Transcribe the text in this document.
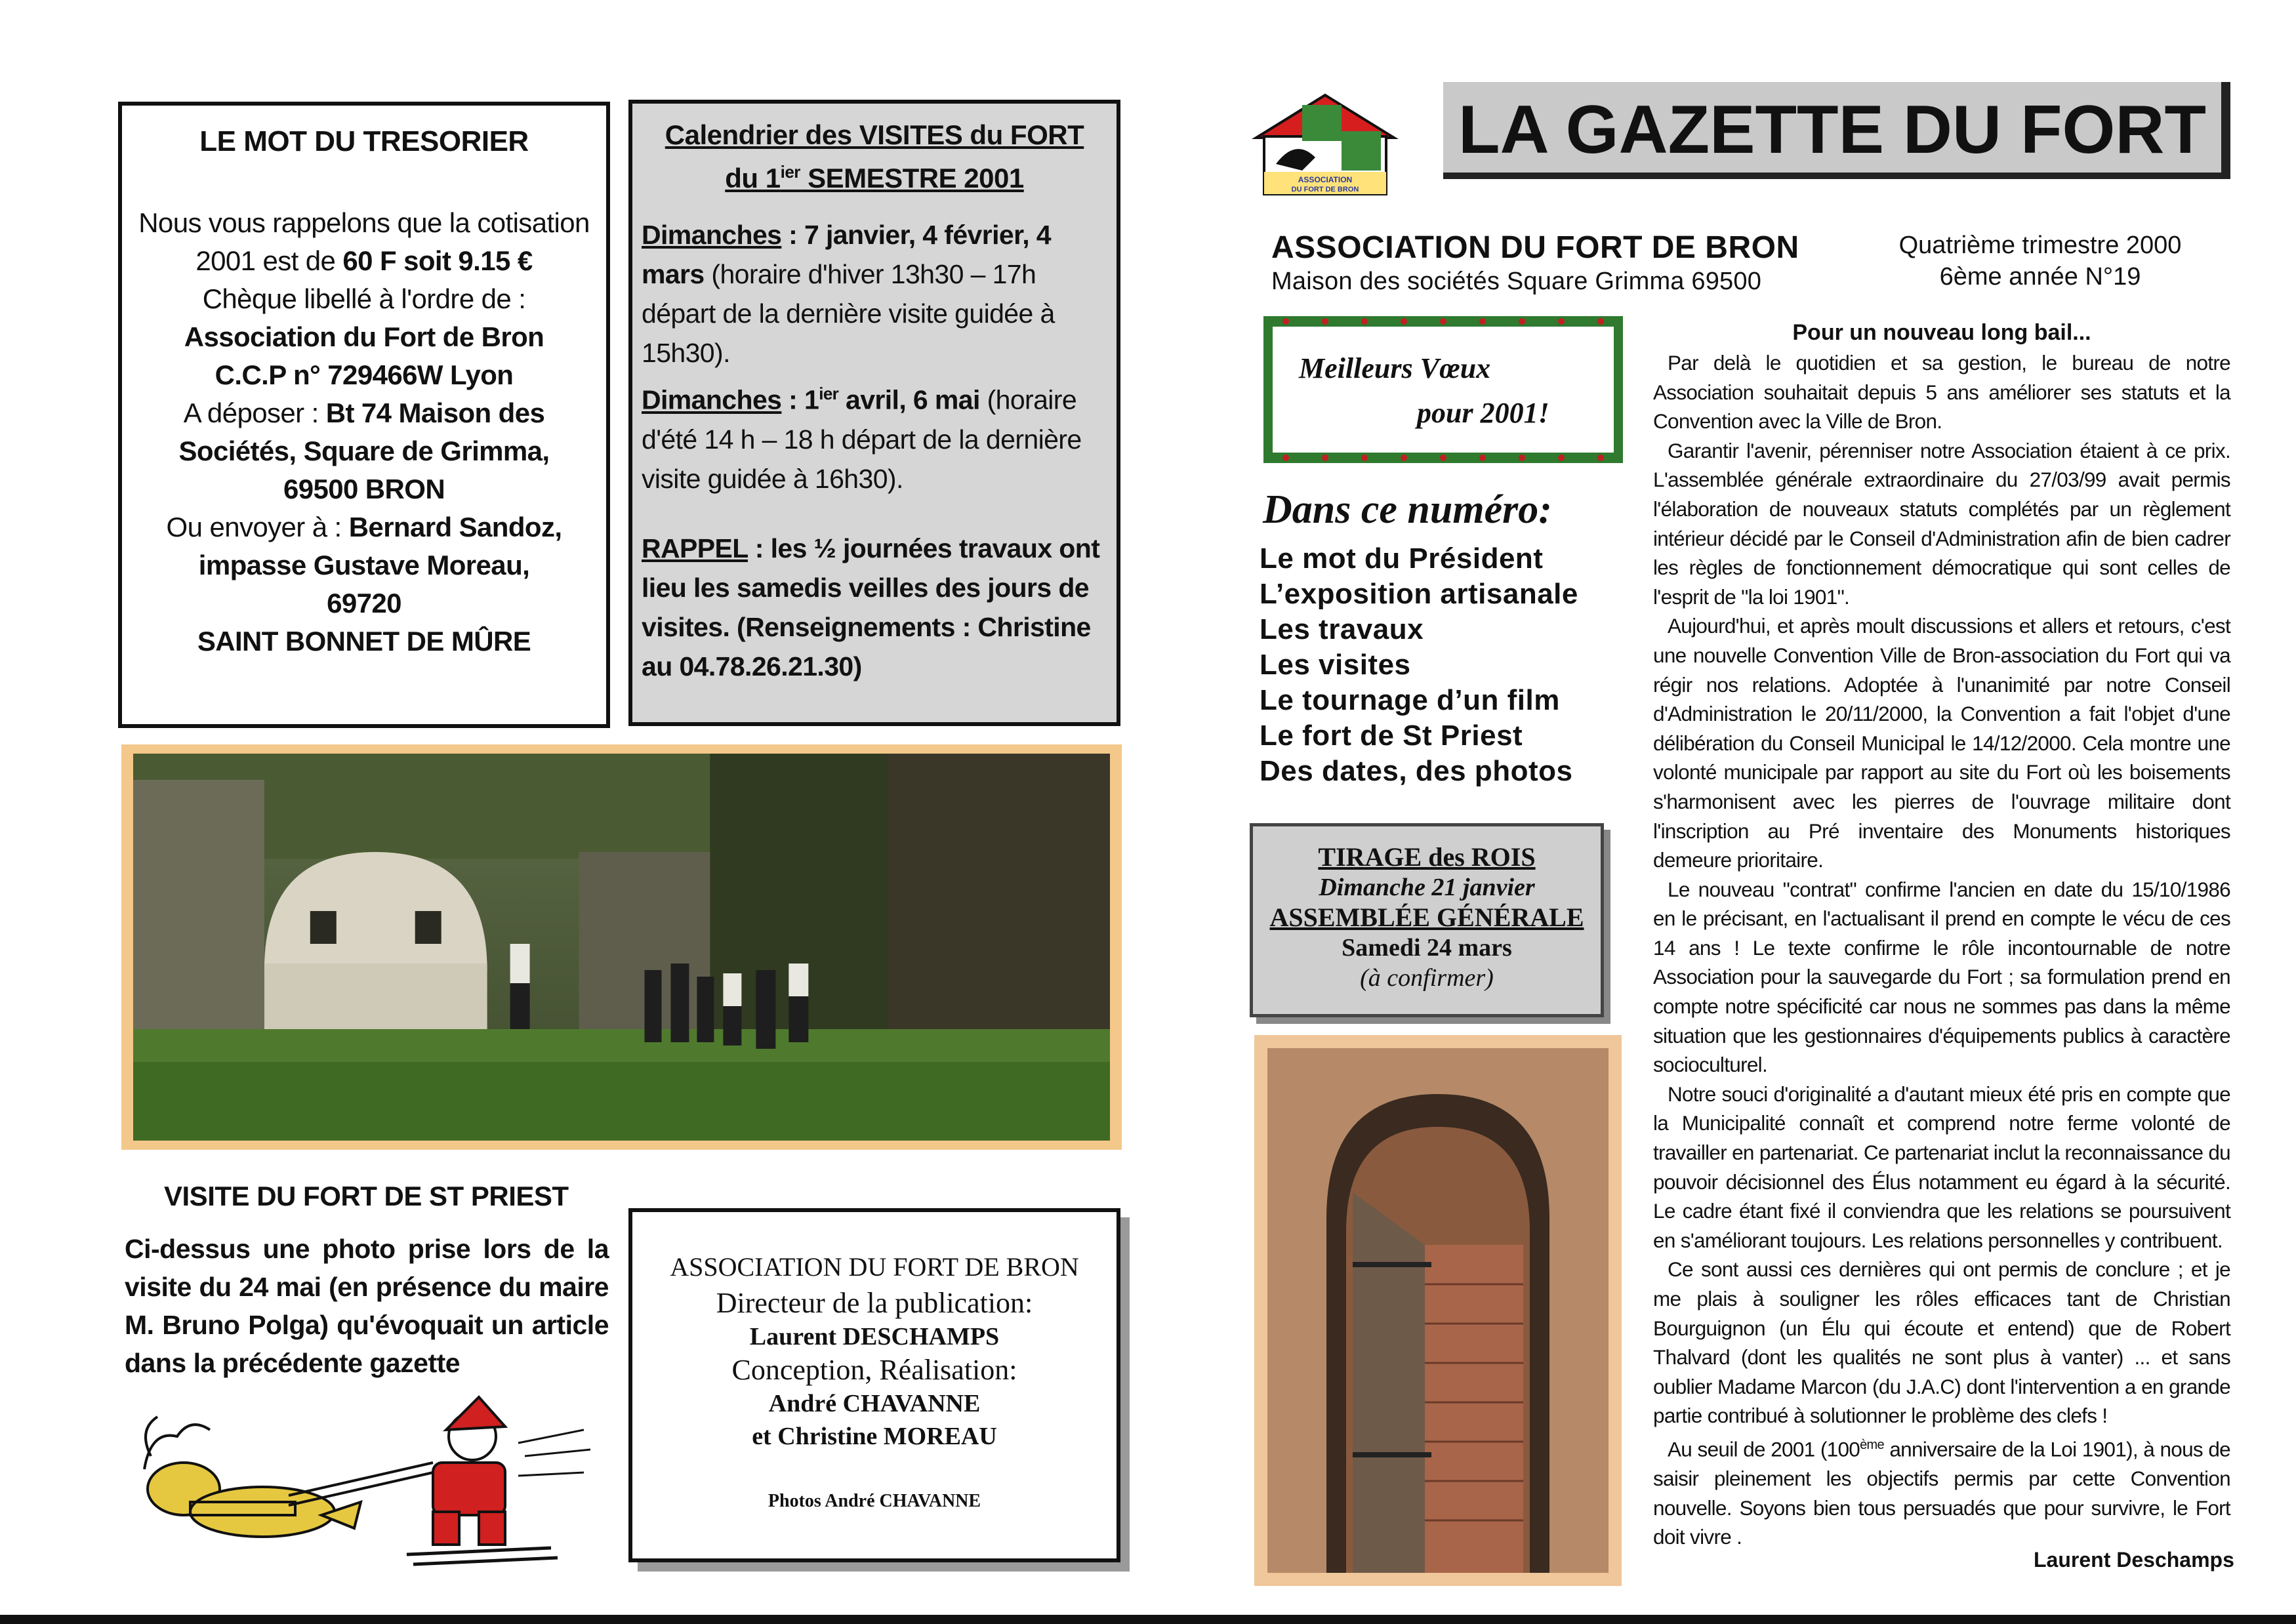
LE MOT DU TRESORIER
Nous vous rappelons que la cotisation
2001 est de 60 F soit 9.15 €
Chèque libellé à l'ordre de :
Association du Fort de Bron
C.C.P n° 729466W Lyon
A déposer : Bt 74 Maison des
Sociétés, Square de Grimma,
69500 BRON
Ou envoyer à : Bernard Sandoz,
impasse Gustave Moreau,
69720
SAINT BONNET DE MÛRE
Calendrier des VISITES du FORT
du $1^{ier}$ SEMESTRE 2001
Dimanches : 7 janvier, 4 février, 4 mars (horaire d'hiver 13h30 – 17h départ de la dernière visite guidée à 15h30).
Dimanches : $1^{ier}$ avril, 6 mai (horaire d'été 14 h – 18 h départ de la dernière visite guidée à 16h30).
RAPPEL : les ½ journées travaux ont lieu les samedis veilles des jours de visites. (Renseignements : Christine au 04.78.26.21.30)
VISITE DU FORT DE ST PRIEST
Ci-dessus une photo prise lors de la visite du 24 mai (en présence du maire M. Bruno Polga) qu'évoquait un article dans la précédente gazette
ASSOCIATION DU FORT DE BRON
Directeur de la publication:
Laurent DESCHAMPS
Conception, Réalisation:
André CHAVANNE
et Christine MOREAU
Photos André CHAVANNE
ASSOCIATION
DU FORT DE BRON
LA GAZETTE DU FORT
ASSOCIATION DU FORT DE BRON
Maison des sociétés Square Grimma 69500
Quatrième trimestre 2000
6ème année N°19
Meilleurs Vœux
pour 2001!
Dans ce numéro:
Le mot du Président
L’exposition artisanale
Les travaux
Les visites
Le tournage d’un film
Le fort de St Priest
Des dates, des photos
TIRAGE des ROIS
Dimanche 21 janvier
ASSEMBLÉE GÉNÉRALE
Samedi 24 mars
(à confirmer)
Pour un nouveau long bail...

Par delà le quotidien et sa gestion, le bureau de notre Association souhaitait depuis 5 ans améliorer ses statuts et la Convention avec la Ville de Bron.

Garantir l'avenir, pérenniser notre Association étaient à ce prix. L'assemblée générale extraordinaire du 27/03/99 avait permis l'élaboration de nouveaux statuts complétés par un règlement intérieur décidé par le Conseil d'Administration afin de bien cadrer les règles de fonctionnement démocratique qui sont celles de l'esprit de "la loi 1901".

Aujourd'hui, et après moult discussions et allers et retours, c'est une nouvelle Convention Ville de Bron-association du Fort qui va régir nos relations. Adoptée à l'unanimité par notre Conseil d'Administration le 20/11/2000, la Convention a fait l'objet d'une délibération du Conseil Municipal le 14/12/2000. Cela montre une volonté municipale par rapport au site du Fort où les boisements s'harmonisent avec les pierres de l'ouvrage militaire dont l'inscription au Pré inventaire des Monuments historiques demeure prioritaire.

Le nouveau "contrat" confirme l'ancien en date du 15/10/1986 en le précisant, en l'actualisant il prend en compte le vécu de ces 14 ans ! Le texte confirme le rôle incontournable de notre Association pour la sauvegarde du Fort ; sa formulation prend en compte notre spécificité car nous ne sommes pas dans la même situation que les gestionnaires d'équipements publics à caractère socioculturel.

Notre souci d'originalité a d'autant mieux été pris en compte que la Municipalité connaît et comprend notre ferme volonté de travailler en partenariat. Ce partenariat inclut la reconnaissance du pouvoir décisionnel des Élus notamment eu égard à la sécurité. Le cadre étant fixé il conviendra que les relations se poursuivent en s'améliorant toujours. Les relations personnelles y contribuent.

Ce sont aussi ces dernières qui ont permis de conclure ; et je me plais à souligner les rôles efficaces tant de Christian Bourguignon (un Élu qui écoute et entend) que de Robert Thalvard (dont les qualités ne sont plus à vanter) ... et sans oublier Madame Marcon (du J.A.C) dont l'intervention a en grande partie contribué à solutionner le problème des clefs !

Au seuil de 2001 (100ème anniversaire de la Loi 1901), à nous de saisir pleinement les objectifs permis par cette Convention nouvelle. Soyons bien tous persuadés que pour survivre, le Fort doit vivre .

Laurent Deschamps
